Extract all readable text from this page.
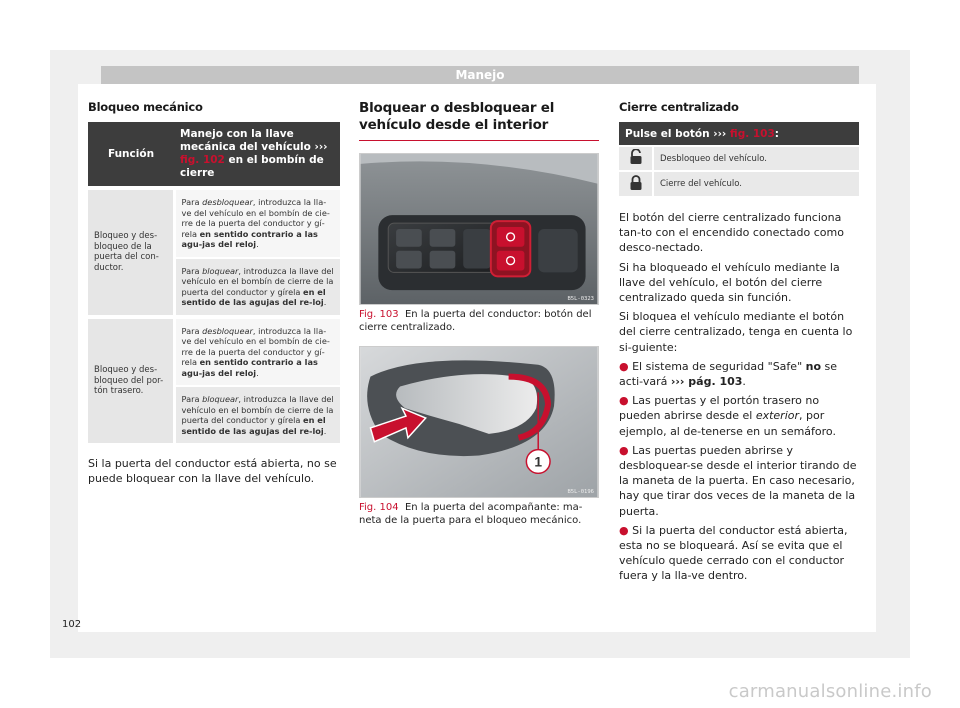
Manejo
Bloqueo mecánico
Función	Manejo con la llave mecánica del vehículo ››› fig. 102 en el bombín de cierre
Bloqueo y des-bloqueo de la puerta del con-ductor.	Para desbloquear, introduzca la lla-ve del vehículo en el bombín de cie-rre de la puerta del conductor y gí-rela en sentido contrario a las agu-jas del reloj.
	Para bloquear, introduzca la llave del vehículo en el bombín de cierre de la puerta del conductor y gírela en el sentido de las agujas del re-loj.
Bloqueo y des-bloqueo del por-tón trasero.	Para desbloquear, introduzca la lla-ve del vehículo en el bombín de cie-rre de la puerta del conductor y gí-rela en sentido contrario a las agu-jas del reloj.
	Para bloquear, introduzca la llave del vehículo en el bombín de cierre de la puerta del conductor y gírela en el sentido de las agujas del re-loj.

Si la puerta del conductor está abierta, no se puede bloquear con la llave del vehículo.

Bloquear o desbloquear el vehículo desde el interior
B5L-0323

Fig. 103 En la puerta del conductor: botón del cierre centralizado.

1
B5L-0196

Fig. 104 En la puerta del acompañante: ma-neta de la puerta para el bloqueo mecánico.

Cierre centralizado
Pulse el botón ››› fig. 103:	
	Desbloqueo del vehículo.
	Cierre del vehículo.

El botón del cierre centralizado funciona tan-to con el encendido conectado como desco-nectado.

Si ha bloqueado el vehículo mediante la llave del vehículo, el botón del cierre centralizado queda sin función.

Si bloquea el vehículo mediante el botón del cierre centralizado, tenga en cuenta lo si-guiente:

● El sistema de seguridad "Safe" no se acti-vará ››› pág. 103.

● Las puertas y el portón trasero no pueden abrirse desde el exterior, por ejemplo, al de-tenerse en un semáforo.

● Las puertas pueden abrirse y desbloquear-se desde el interior tirando de la maneta de la puerta. En caso necesario, hay que tirar dos veces de la maneta de la puerta.

● Si la puerta del conductor está abierta, esta no se bloqueará. Así se evita que el vehículo quede cerrado con el conductor fuera y la lla-ve dentro.

102
carmanualsonline.info
